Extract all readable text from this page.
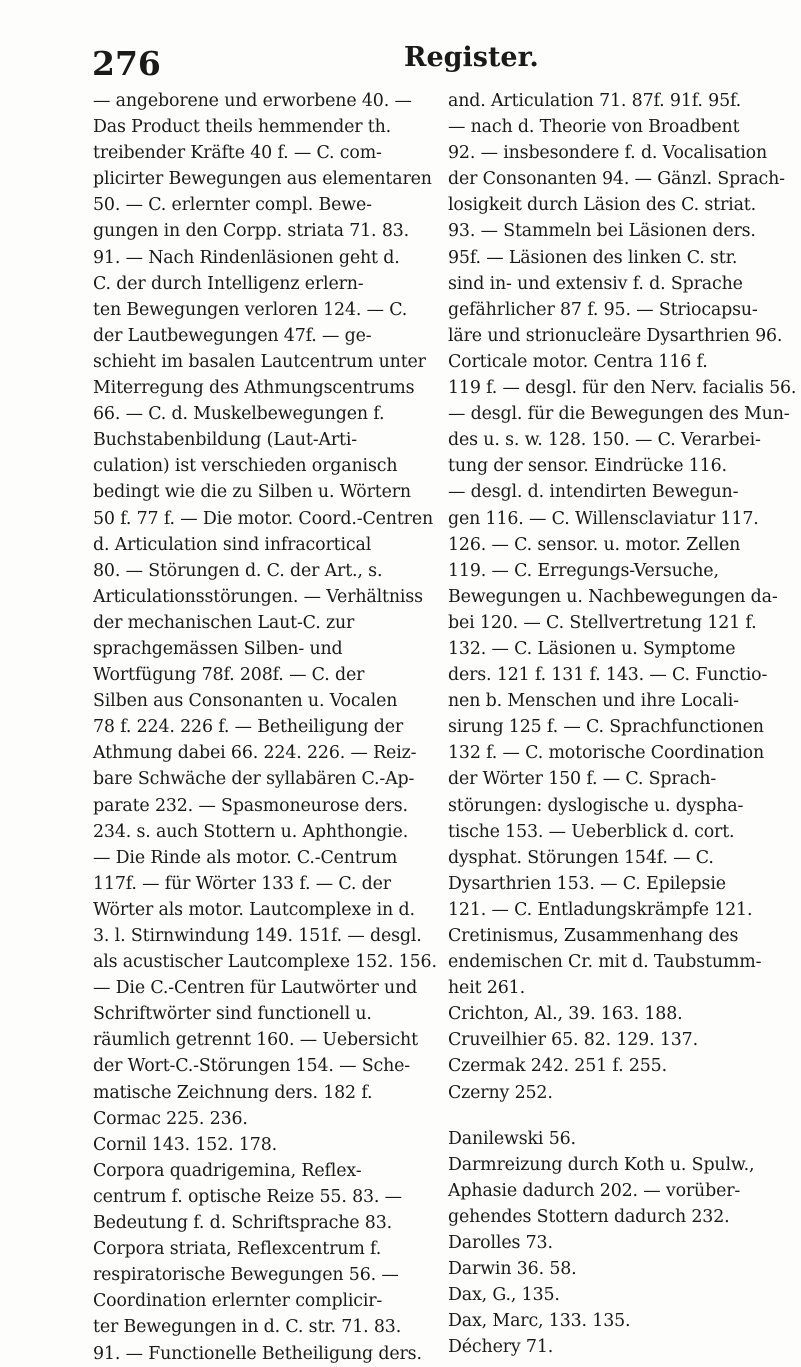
276	Register.
— angeborene und erworbene 40. —
Das Product theils hemmender th.
treibender Kräfte 40 f. — C. com-
plicirter Bewegungen aus elementaren
50. — C. erlernter compl. Bewe-
gungen in den Corpp. striata 71. 83.
91. — Nach Rindenläsionen geht d.
C. der durch Intelligenz erlern-
ten Bewegungen verloren 124. — C.
der Lautbewegungen 47f. — ge-
schieht im basalen Lautcentrum unter
Miterregung des Athmungscentrums
66. — C. d. Muskelbewegungen f.
Buchstabenbildung (Laut-Arti-
culation) ist verschieden organisch
bedingt wie die zu Silben u. Wörtern
50 f. 77 f. — Die motor. Coord.-Centren
d. Articulation sind infracortical
80. — Störungen d. C. der Art., s.
Articulationsstörungen. — Verhältniss
der mechanischen Laut-C. zur
sprachgemässen Silben- und
Wortfügung 78f. 208f. — C. der
Silben aus Consonanten u. Vocalen
78 f. 224. 226 f. — Betheiligung der
Athmung dabei 66. 224. 226. — Reiz-
bare Schwäche der syllabären C.-Ap-
parate 232. — Spasmoneurose ders.
234. s. auch Stottern u. Aphthongie.
— Die Rinde als motor. C.-Centrum
117f. — für Wörter 133 f. — C. der
Wörter als motor. Lautcomplexe in d.
3. l. Stirnwindung 149. 151f. — desgl.
als acustischer Lautcomplexe 152. 156.
— Die C.-Centren für Lautwörter und
Schriftwörter sind functionell u.
räumlich getrennt 160. — Uebersicht
der Wort-C.-Störungen 154. — Sche-
matische Zeichnung ders. 182 f.
Cormac 225. 236.
Cornil 143. 152. 178.
Corpora quadrigemina, Reflex-
centrum f. optische Reize 55. 83. —
Bedeutung f. d. Schriftsprache 83.
Corpora striata, Reflexcentrum f.
respiratorische Bewegungen 56. —
Coordination erlernter complicir-
ter Bewegungen in d. C. str. 71. 83.
91. — Functionelle Betheiligung ders.
and. Articulation 71. 87f. 91f. 95f.
— nach d. Theorie von Broadbent
92. — insbesondere f. d. Vocalisation
der Consonanten 94. — Gänzl. Sprach-
losigkeit durch Läsion des C. striat.
93. — Stammeln bei Läsionen ders.
95f. — Läsionen des linken C. str.
sind in- und extensiv f. d. Sprache
gefährlicher 87 f. 95. — Striocapsu-
läre und strionucleäre Dysarthrien 96.
Corticale motor. Centra 116 f.
119 f. — desgl. für den Nerv. facialis 56.
— desgl. für die Bewegungen des Mun-
des u. s. w. 128. 150. — C. Verarbei-
tung der sensor. Eindrücke 116.
— desgl. d. intendirten Bewegun-
gen 116. — C. Willensclaviatur 117.
126. — C. sensor. u. motor. Zellen
119. — C. Erregungs-Versuche,
Bewegungen u. Nachbewegungen da-
bei 120. — C. Stellvertretung 121 f.
132. — C. Läsionen u. Symptome
ders. 121 f. 131 f. 143. — C. Functio-
nen b. Menschen und ihre Locali-
sirung 125 f. — C. Sprachfunctionen
132 f. — C. motorische Coordination
der Wörter 150 f. — C. Sprach-
störungen: dyslogische u. dyspha-
tische 153. — Ueberblick d. cort.
dysphat. Störungen 154f. — C.
Dysarthrien 153. — C. Epilepsie
121. — C. Entladungskrämpfe 121.
Cretinismus, Zusammenhang des
endemischen Cr. mit d. Taubstumm-
heit 261.
Crichton, Al., 39. 163. 188.
Cruveilhier 65. 82. 129. 137.
Czermak 242. 251 f. 255.
Czerny 252.
Danilewski 56.
Darmreizung durch Koth u. Spulw.,
Aphasie dadurch 202. — vorüber-
gehendes Stottern dadurch 232.
Darolles 73.
Darwin 36. 58.
Dax, G., 135.
Dax, Marc, 133. 135.
Déchery 71.
